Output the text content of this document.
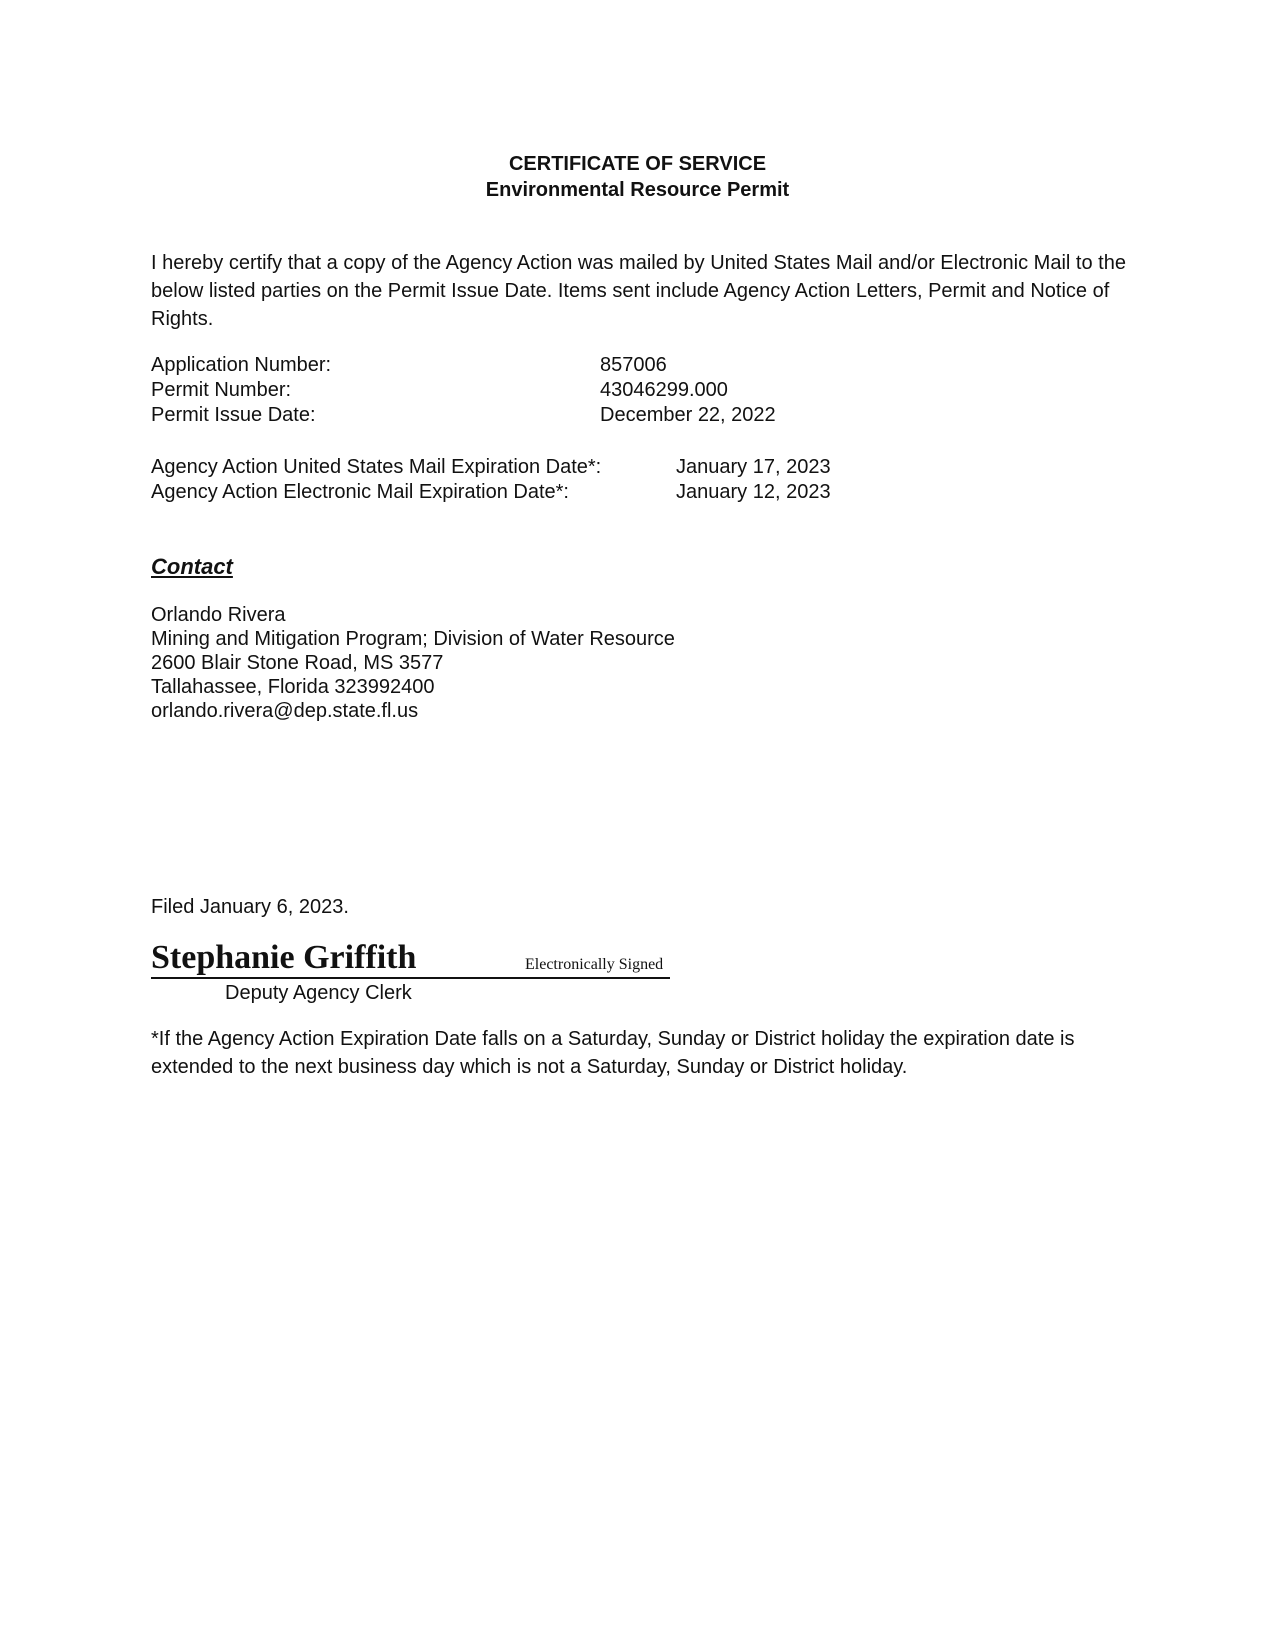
CERTIFICATE OF SERVICE
Environmental Resource Permit
I hereby certify that a copy of the Agency Action was mailed by United States Mail and/or Electronic Mail to the below listed parties on the Permit Issue Date. Items sent include Agency Action Letters, Permit and Notice of Rights.
Application Number:	857006
Permit Number:	43046299.000
Permit Issue Date:	December 22, 2022
Agency Action United States Mail Expiration Date*:	January 17, 2023
Agency Action Electronic Mail Expiration Date*:	January 12, 2023
Contact
Orlando Rivera
Mining and Mitigation Program; Division of Water Resource
2600 Blair Stone Road, MS 3577
Tallahassee, Florida 323992400
orlando.rivera@dep.state.fl.us
Filed January 6, 2023.
Stephanie Griffith	Electronically Signed
Deputy Agency Clerk
*If the Agency Action Expiration Date falls on a Saturday, Sunday or District holiday the expiration date is extended to the next business day which is not a Saturday, Sunday or District holiday.
